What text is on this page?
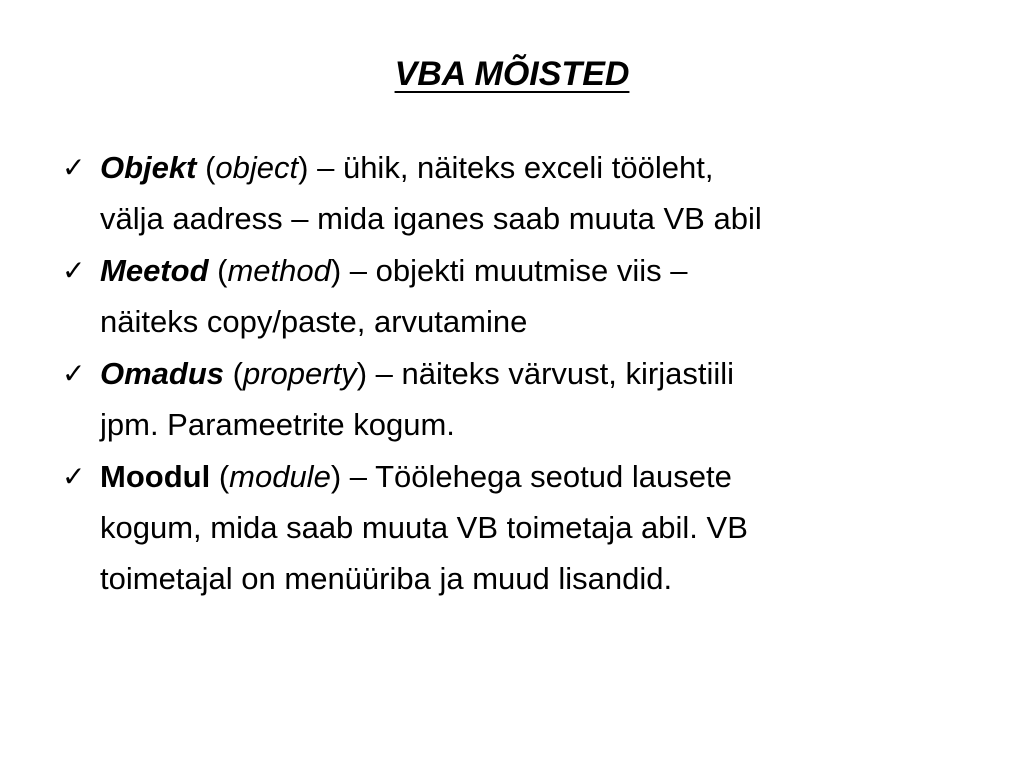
VBA MÕISTED
✓ Objekt (object) – ühik, näiteks exceli tööleht,
välja aadress – mida iganes saab muuta VB abil
✓ Meetod (method) – objekti muutmise viis –
näiteks copy/paste, arvutamine
✓ Omadus (property) – näiteks värvust, kirjastiili
jpm. Parameetrite kogum.
✓ Moodul (module) – Töölehega seotud lausete
kogum, mida saab muuta VB toimetaja abil. VB
toimetajal on menüüriba ja muud lisandid.
